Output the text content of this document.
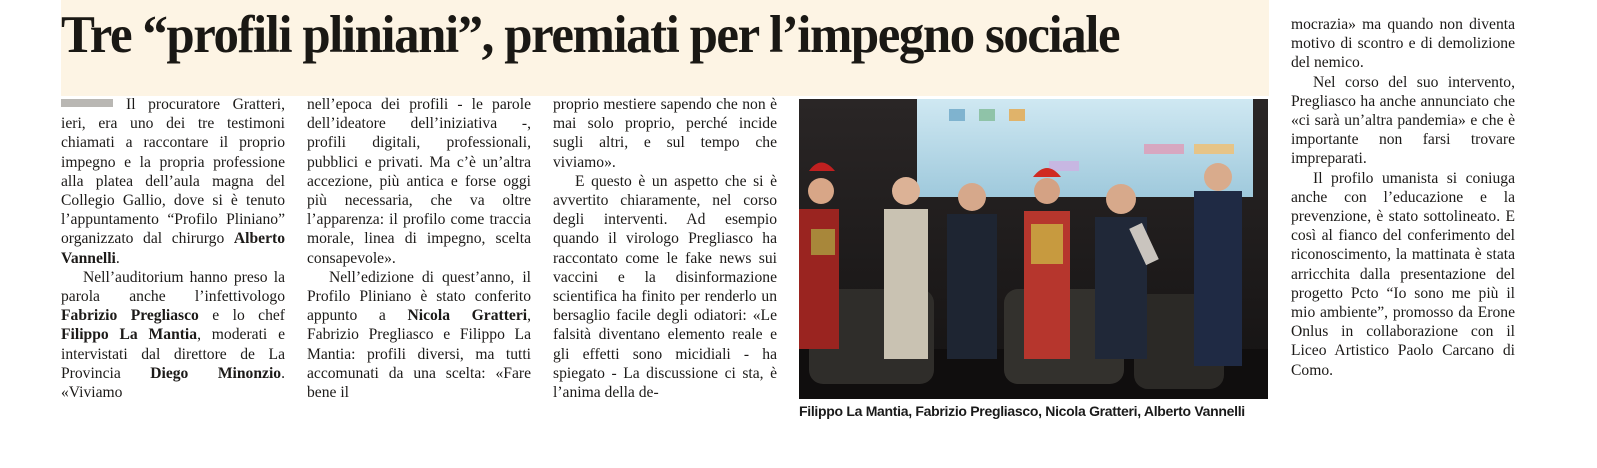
Tre “profili pliniani”, premiati per l’impegno sociale

Il procuratore Gratteri, ieri, era uno dei tre testimoni chiamati a raccontare il proprio impegno e la propria professione alla platea dell’aula magna del Collegio Gallio, dove si è tenuto l’appuntamento “Profilo Pliniano” organizzato dal chirurgo Alberto Vannelli.

Nell’auditorium hanno preso la parola anche l’infettivologo Fabrizio Pregliasco e lo chef Filippo La Mantia, moderati e intervistati dal direttore de La Provincia Diego Minonzio. «Viviamo

nell’epoca dei profili - le parole dell’ideatore dell’iniziativa -, profili digitali, professionali, pubblici e privati. Ma c’è un’altra accezione, più antica e forse oggi più necessaria, che va oltre l’apparenza: il profilo come traccia morale, linea di impegno, scelta consapevole».

Nell’edizione di quest’anno, il Profilo Pliniano è stato conferito appunto a Nicola Gratteri, Fabrizio Pregliasco e Filippo La Mantia: profili diversi, ma tutti accomunati da una scelta: «Fare bene il

proprio mestiere sapendo che non è mai solo proprio, perché incide sugli altri, e sul tempo che viviamo».

E questo è un aspetto che si è avvertito chiaramente, nel corso degli interventi. Ad esempio quando il virologo Pregliasco ha raccontato come le fake news sui vaccini e la disinformazione scientifica ha finito per renderlo un bersaglio facile degli odiatori: «Le falsità diventano elemento reale e gli effetti sono micidiali - ha spiegato - La discussione ci sta, è l’anima della de-

Filippo La Mantia, Fabrizio Pregliasco, Nicola Gratteri, Alberto Vannelli

mocrazia» ma quando non diventa motivo di scontro e di demolizione del nemico.

Nel corso del suo intervento, Pregliasco ha anche annunciato che «ci sarà un’altra pandemia» e che è importante non farsi trovare impreparati.

Il profilo umanista si coniuga anche con l’educazione e la prevenzione, è stato sottolineato. E così al fianco del conferimento del riconoscimento, la mattinata è stata arricchita dalla presentazione del progetto Pcto “Io sono me più il mio ambiente”, promosso da Erone Onlus in collaborazione con il Liceo Artistico Paolo Carcano di Como.
